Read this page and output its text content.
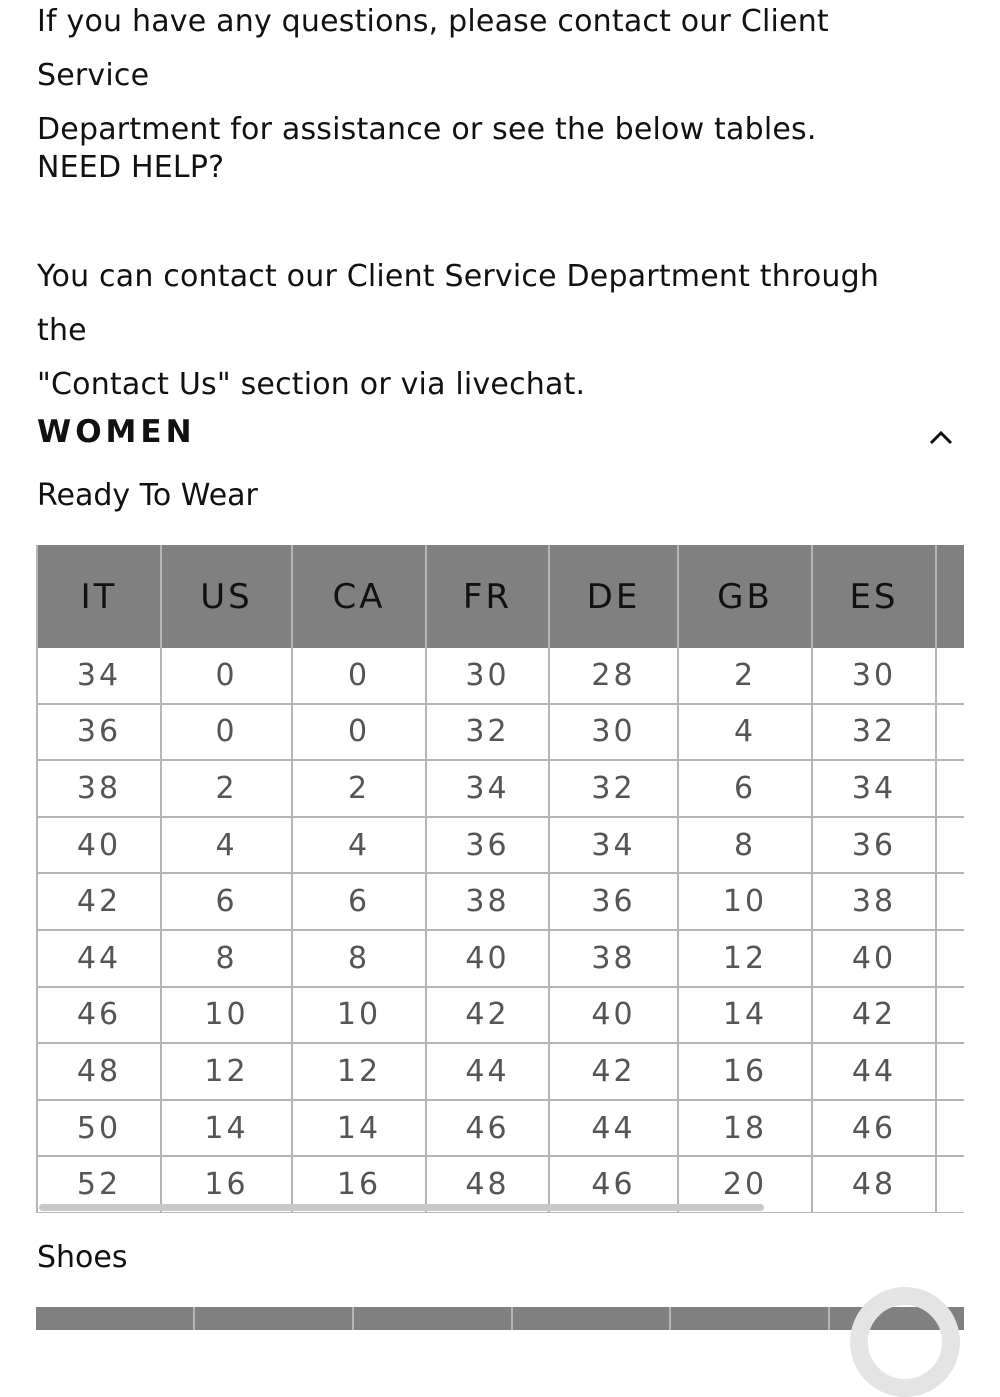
If you have any questions, please contact our Client Service
Department for assistance or see the below tables.
NEED HELP?
You can contact our Client Service Department through the
"Contact Us" section or via livechat.
WOMEN
Ready To Wear
IT	US	CA	FR	DE	GB	ES	
34	0	0	30	28	2	30	
36	0	0	32	30	4	32	
38	2	2	34	32	6	34	
40	4	4	36	34	8	36	
42	6	6	38	36	10	38	
44	8	8	40	38	12	40	
46	10	10	42	40	14	42	
48	12	12	44	42	16	44	
50	14	14	46	44	18	46	
52	16	16	48	46	20	48	
Shoes
